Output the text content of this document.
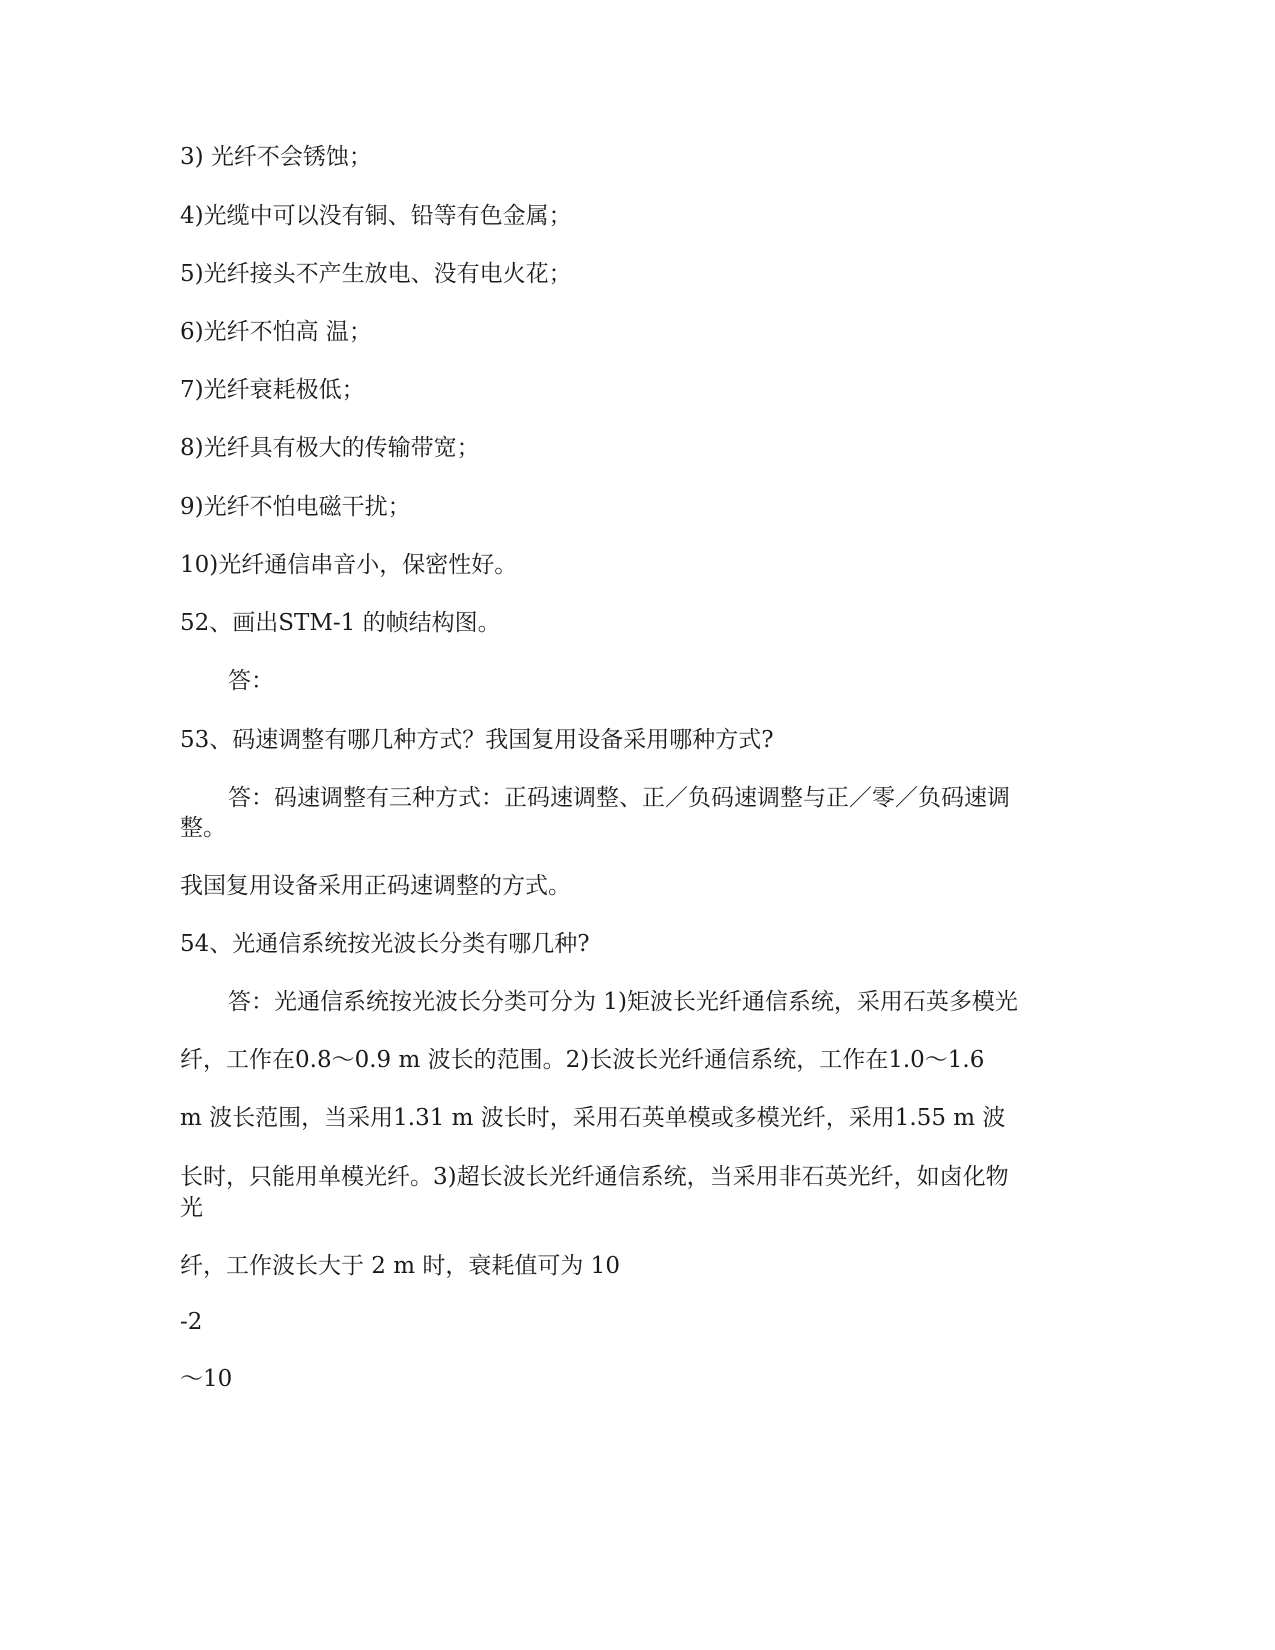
3) 光纤不会锈蚀；
4)光缆中可以没有铜、铅等有色金属；
5)光纤接头不产生放电、没有电火花；
6)光纤不怕高 温；
7)光纤衰耗极低；
8)光纤具有极大的传输带宽；
9)光纤不怕电磁干扰；
10)光纤通信串音小，保密性好。
52、画出STM-1 的帧结构图。
答：
53、码速调整有哪几种方式？我国复用设备采用哪种方式?
答：码速调整有三种方式：正码速调整、正／负码速调整与正／零／负码速调
整。
我国复用设备采用正码速调整的方式。
54、光通信系统按光波长分类有哪几种?
答：光通信系统按光波长分类可分为 1)矩波长光纤通信系统，采用石英多模光
纤，工作在0.8～0.9 m 波长的范围。2)长波长光纤通信系统，工作在1.0～1.6
m 波长范围，当采用1.31 m 波长时，采用石英单模或多模光纤，采用1.55 m 波
长时，只能用单模光纤。3)超长波长光纤通信系统，当采用非石英光纤，如卤化物
光
纤，工作波长大于 2 m 时，衰耗值可为 10
-2
～10
